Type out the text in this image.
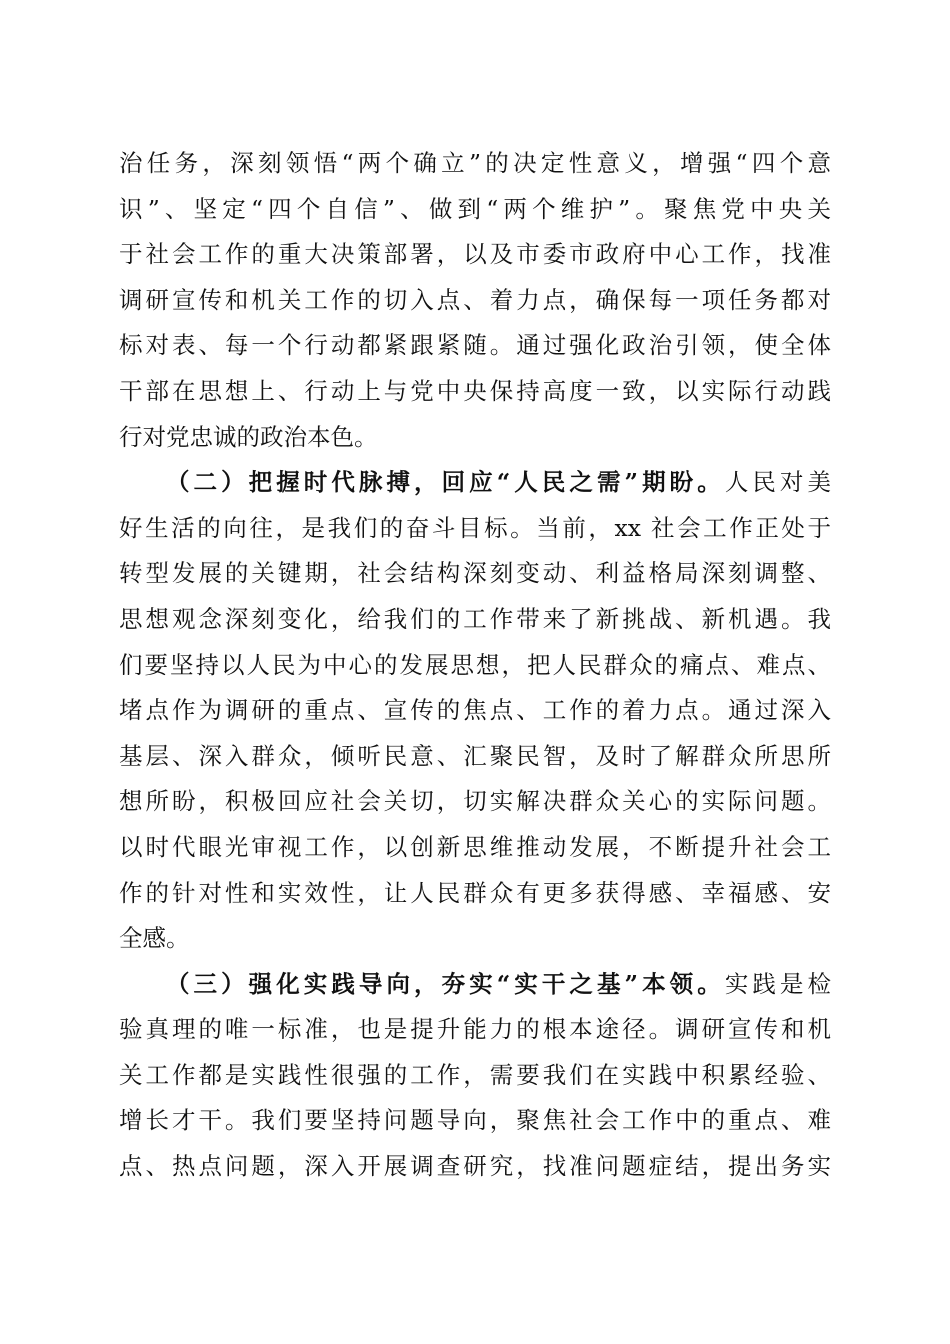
治任务，深刻领悟“两个确立”的决定性意义，增强“四个意
识”、坚定“四个自信”、做到“两个维护”。聚焦党中央关
于社会工作的重大决策部署，以及市委市政府中心工作，找准
调研宣传和机关工作的切入点、着力点，确保每一项任务都对
标对表、每一个行动都紧跟紧随。通过强化政治引领，使全体
干部在思想上、行动上与党中央保持高度一致，以实际行动践
行对党忠诚的政治本色。
（二）把握时代脉搏，回应“人民之需”期盼。人民对美
好生活的向往，是我们的奋斗目标。当前，xx 社会工作正处于
转型发展的关键期，社会结构深刻变动、利益格局深刻调整、
思想观念深刻变化，给我们的工作带来了新挑战、新机遇。我
们要坚持以人民为中心的发展思想，把人民群众的痛点、难点、
堵点作为调研的重点、宣传的焦点、工作的着力点。通过深入
基层、深入群众，倾听民意、汇聚民智，及时了解群众所思所
想所盼，积极回应社会关切，切实解决群众关心的实际问题。
以时代眼光审视工作，以创新思维推动发展，不断提升社会工
作的针对性和实效性，让人民群众有更多获得感、幸福感、安
全感。
（三）强化实践导向，夯实“实干之基”本领。实践是检
验真理的唯一标准，也是提升能力的根本途径。调研宣传和机
关工作都是实践性很强的工作，需要我们在实践中积累经验、
增长才干。我们要坚持问题导向，聚焦社会工作中的重点、难
点、热点问题，深入开展调查研究，找准问题症结，提出务实
